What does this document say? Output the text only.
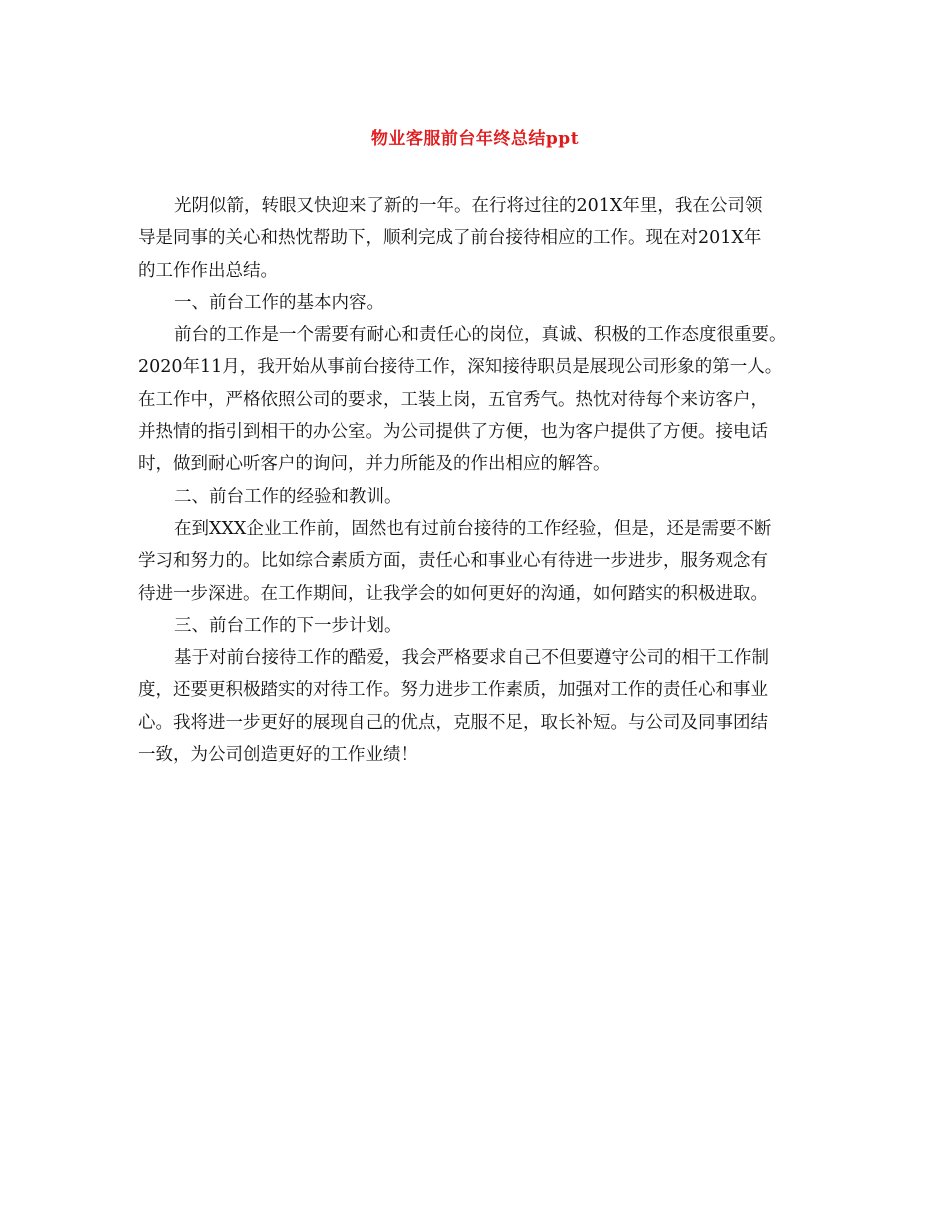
物业客服前台年终总结ppt
光阴似箭，转眼又快迎来了新的一年。在行将过往的201X年里，我在公司领
导是同事的关心和热忱帮助下，顺利完成了前台接待相应的工作。现在对201X年
的工作作出总结。
一、前台工作的基本内容。
前台的工作是一个需要有耐心和责任心的岗位，真诚、积极的工作态度很重要。
2020年11月，我开始从事前台接待工作，深知接待职员是展现公司形象的第一人。
在工作中，严格依照公司的要求，工装上岗，五官秀气。热忱对待每个来访客户，
并热情的指引到相干的办公室。为公司提供了方便，也为客户提供了方便。接电话
时，做到耐心听客户的询问，并力所能及的作出相应的解答。
二、前台工作的经验和教训。
在到XXX企业工作前，固然也有过前台接待的工作经验，但是，还是需要不断
学习和努力的。比如综合素质方面，责任心和事业心有待进一步进步，服务观念有
待进一步深进。在工作期间，让我学会的如何更好的沟通，如何踏实的积极进取。
三、前台工作的下一步计划。
基于对前台接待工作的酷爱，我会严格要求自己不但要遵守公司的相干工作制
度，还要更积极踏实的对待工作。努力进步工作素质，加强对工作的责任心和事业
心。我将进一步更好的展现自己的优点，克服不足，取长补短。与公司及同事团结
一致，为公司创造更好的工作业绩！
